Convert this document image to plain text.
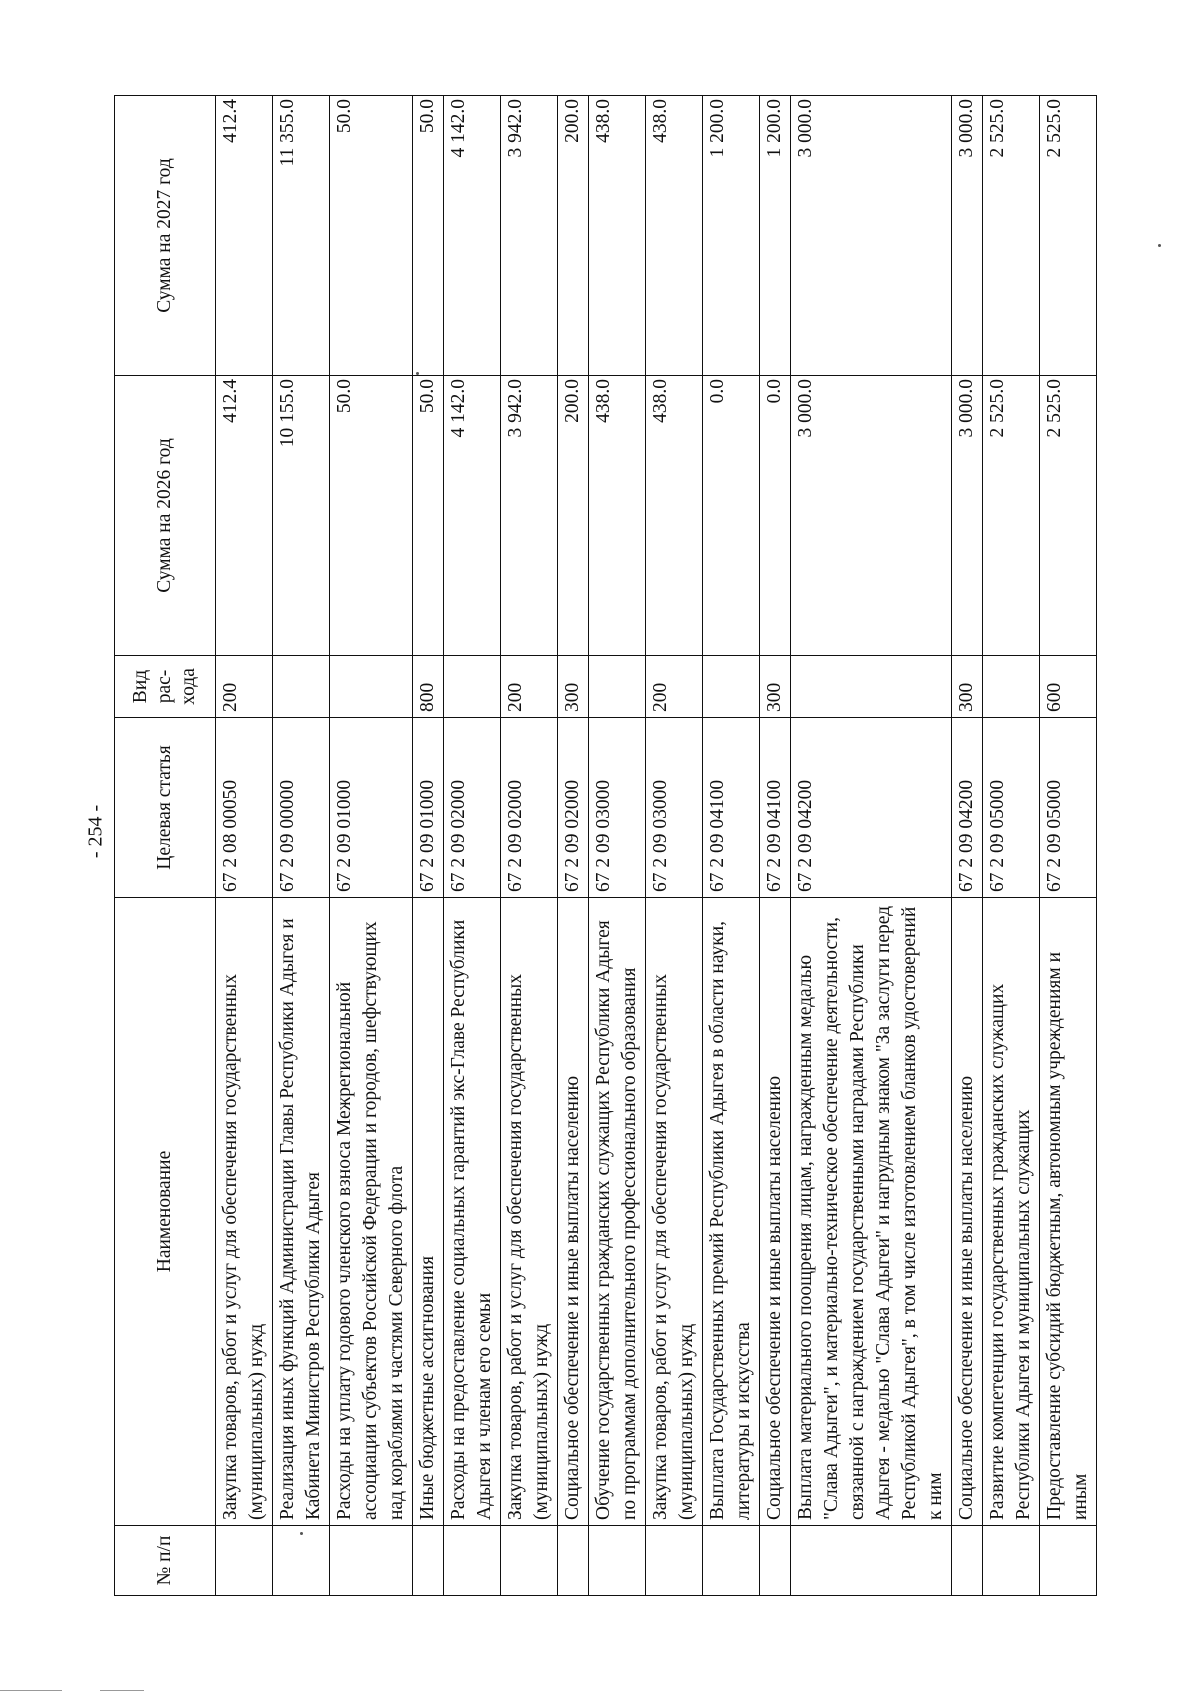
- 254 -
№ п/п	Наименование	Целевая статья	Вид рас-хода	Сумма на 2026 год	Сумма на 2027 год
	Закупка товаров, работ и услуг для обеспечения государственных (муниципальных) нужд	67 2 08 00050	200	412.4	412.4
	Реализация иных функций Администрации Главы Республики Адыгея и Кабинета Министров Республики Адыгея	67 2 09 00000		10 155.0	11 355.0
	Расходы на уплату годового членского взноса Межрегиональной ассоциации субъектов Российской Федерации и городов, шефствующих над кораблями и частями Северного флота	67 2 09 01000		50.0	50.0
	Иные бюджетные ассигнования	67 2 09 01000	800	50.0	50.0
	Расходы на предоставление социальных гарантий экс-Главе Республики Адыгея и членам его семьи	67 2 09 02000		4 142.0	4 142.0
	Закупка товаров, работ и услуг для обеспечения государственных (муниципальных) нужд	67 2 09 02000	200	3 942.0	3 942.0
	Социальное обеспечение и иные выплаты населению	67 2 09 02000	300	200.0	200.0
	Обучение государственных гражданских служащих Республики Адыгея по программам дополнительного профессионального образования	67 2 09 03000		438.0	438.0
	Закупка товаров, работ и услуг для обеспечения государственных (муниципальных) нужд	67 2 09 03000	200	438.0	438.0
	Выплата Государственных премий Республики Адыгея в области науки, литературы и искусства	67 2 09 04100		0.0	1 200.0
	Социальное обеспечение и иные выплаты населению	67 2 09 04100	300	0.0	1 200.0
	Выплата материального поощрения лицам, награжденным медалью "Слава Адыгеи", и материально-техническое обеспечение деятельности, связанной с награждением государственными наградами Республики Адыгея - медалью "Слава Адыгеи" и нагрудным знаком "За заслуги перед Республикой Адыгея", в том числе изготовлением бланков удостоверений к ним	67 2 09 04200		3 000.0	3 000.0
	Социальное обеспечение и иные выплаты населению	67 2 09 04200	300	3 000.0	3 000.0
	Развитие компетенции государственных гражданских служащих Республики Адыгея и муниципальных служащих	67 2 09 05000		2 525.0	2 525.0
	Предоставление субсидий бюджетным, автономным учреждениям и иным	67 2 09 05000	600	2 525.0	2 525.0
